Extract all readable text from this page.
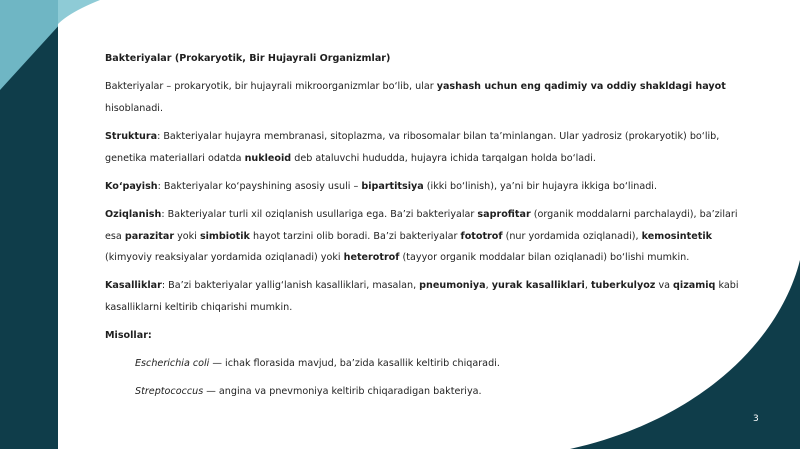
Bakteriyalar (Prokaryotik, Bir Hujayrali Organizmlar)

Bakteriyalar – prokaryotik, bir hujayrali mikroorganizmlar bo‘lib, ular yashash uchun eng qadimiy va oddiy shakldagi hayot hisoblanadi.

Struktura: Bakteriyalar hujayra membranasi, sitoplazma, va ribosomalar bilan ta’minlangan. Ular yadrosiz (prokaryotik) bo‘lib, genetika materiallari odatda nukleoid deb ataluvchi hududda, hujayra ichida tarqalgan holda bo‘ladi.

Ko‘payish: Bakteriyalar ko‘payshining asosiy usuli – bipartitsiya (ikki bo‘linish), ya’ni bir hujayra ikkiga bo‘linadi.

Oziqlanish: Bakteriyalar turli xil oziqlanish usullariga ega. Ba’zi bakteriyalar saprofitar (organik moddalarni parchalaydi), ba’zilari esa parazitar yoki simbiotik hayot tarzini olib boradi. Ba’zi bakteriyalar fototrof (nur yordamida oziqlanadi), kemosintetik (kimyoviy reaksiyalar yordamida oziqlanadi) yoki heterotrof (tayyor organik moddalar bilan oziqlanadi) bo‘lishi mumkin.

Kasalliklar: Ba’zi bakteriyalar yallig‘lanish kasalliklari, masalan, pneumoniya, yurak kasalliklari, tuberkulyoz va qizamiq kabi kasalliklarni keltirib chiqarishi mumkin.

Misollar:

Escherichia coli — ichak florasida mavjud, ba’zida kasallik keltirib chiqaradi.

Streptococcus — angina va pnevmoniya keltirib chiqaradigan bakteriya.

3
